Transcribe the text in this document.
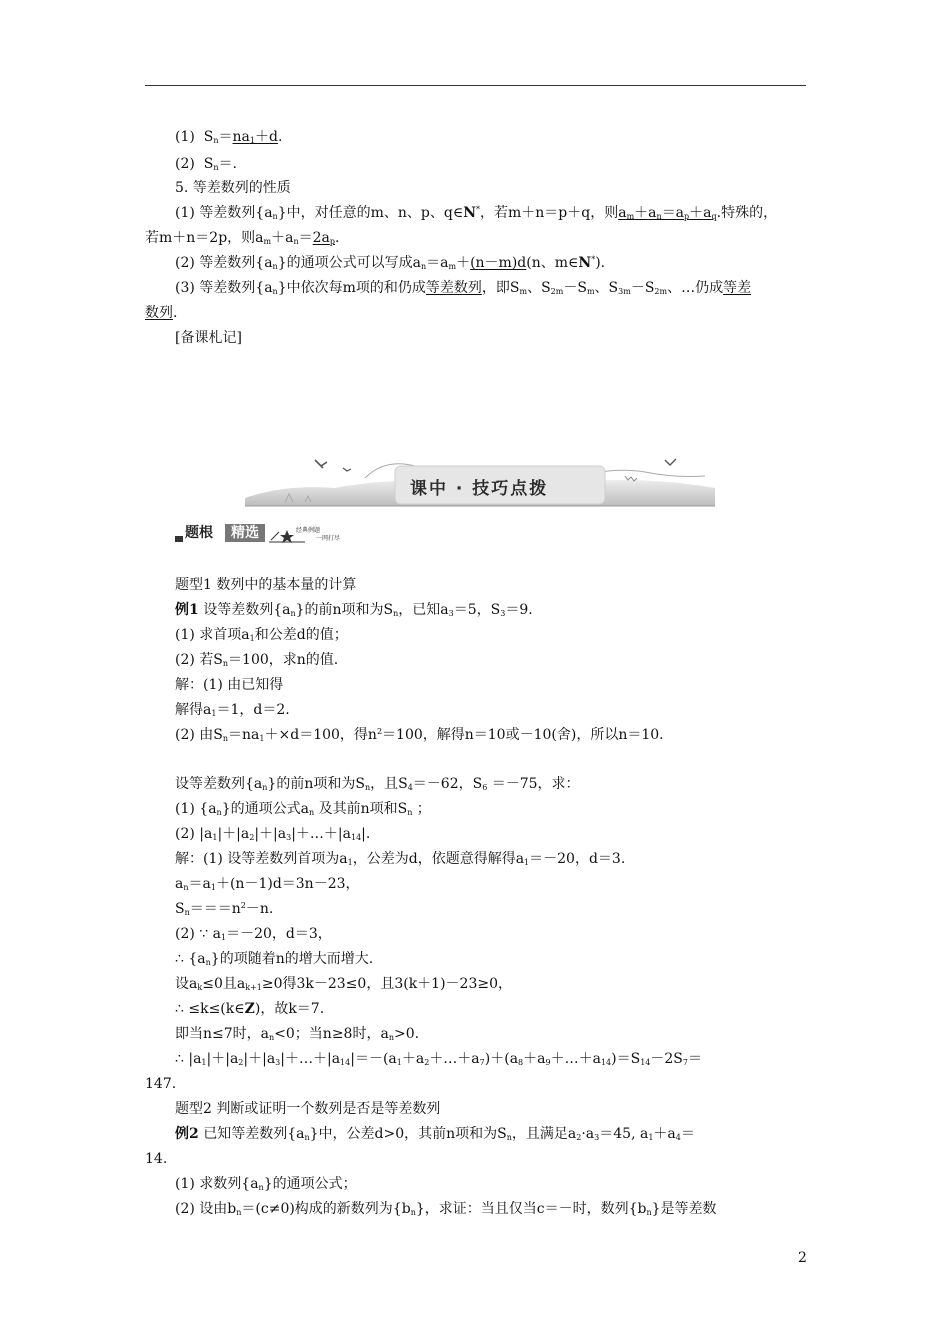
(1) $S_n=na_1+d$.
(2) $S_n=$.
5. 等差数列的性质
(1) 等差数列$\{a_n\}$中，对任意的m、n、p、q∈N*，若m＋n＝p＋q，则$a_m+a_n=a_p+a_q$.特殊的，
若m＋n＝2p，则$a_m+a_n=2a_p$.
(2) 等差数列$\{a_n\}$的通项公式可以写成$a_n=a_m+(n-m)d(n$、m∈N*).
(3) 等差数列$\{a_n\}$中依次每m项的和仍成等差数列，即$S_m$、$S_{2m}-S_m$、$S_{3m}-S_{2m}$、…仍成等差
数列.
[备课札记]
课中 · 技巧点拨
题根	精选	经典例题
一网打尽
题型1 数列中的基本量的计算
例1 设等差数列$\{a_n\}$的前n项和为$S_n$，已知$a_3=5$，$S_3=9$.
(1) 求首项$a_1$和公差d的值；
(2) 若$S_n=100$，求n的值.
解：(1) 由已知得
解得$a_1=1$，d＝2.
(2) 由$S_n=na_1+\times d=100$，得$n^2=100$，解得n＝10或－10(舍)，所以n＝10.
设等差数列$\{a_n\}$的前n项和为$S_n$，且$S_4=-62$，$S_6 =-75$，求：
(1) $\{a_n\}$的通项公式$a_n$ 及其前n项和$S_n$ ；
(2) $|a_1|+|a_2|+|a_3|+\dots+|a_{14}|$.
解：(1) 设等差数列首项为$a_1$，公差为d，依题意得解得$a_1=-20$，d＝3.
$a_n=a_1+(n-1)d=3n-23$，
$S_n===n^2-n$.
(2) ∵ $a_1=-20$，d＝3，
∴ $\{a_n\}$的项随着n的增大而增大.
设$a_k\le 0$且$a_{k+1}\ge 0$得3k－23≤0，且3(k＋1)－23≥0，
∴ ≤k≤(k∈Z)，故k＝7.
即当n≤7时，$a_n<0$；当n≥8时，$a_n>0$.
∴ $|a_1|+|a_2|+|a_3|+\dots+|a_{14}|=-(a_1+a_2+\dots+a_7)+(a_8+a_9+\dots+a_{14})=S_{14}-2S_7=$
147.
题型2 判断或证明一个数列是否是等差数列
例2 已知等差数列$\{a_n\}$中，公差d>0，其前n项和为$S_n$，且满足$a_2\cdot a_3=45$, $a_1+a_4=$
14.
(1) 求数列$\{a_n\}$的通项公式；
(2) 设由$b_n=(c\ne 0)$构成的新数列为$\{b_n\}$，求证：当且仅当c＝－时，数列$\{b_n\}$是等差数
2
